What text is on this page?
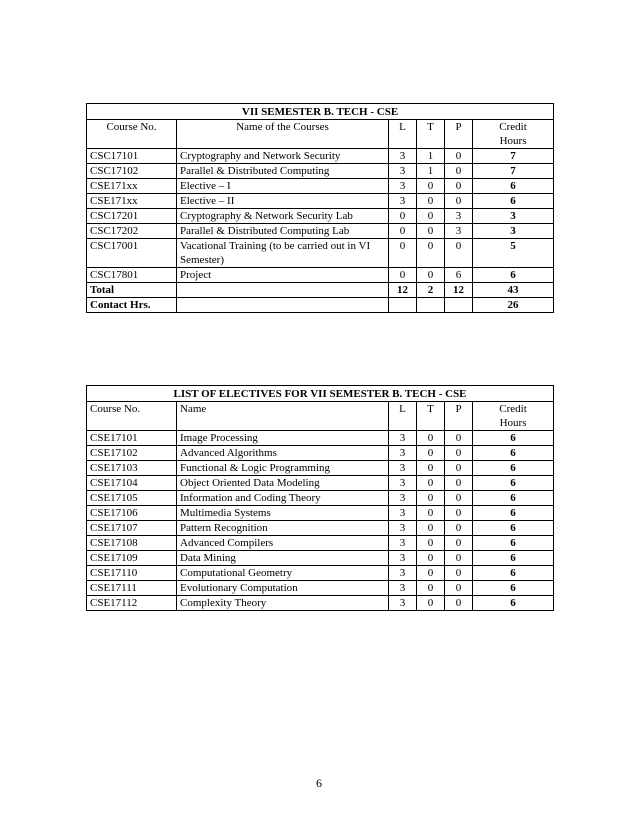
VII SEMESTER B. TECH - CSE					
Course No.	Name of the Courses	L	T	P	Credit
Hours
CSC17101	Cryptography and Network Security	3	1	0	7
CSC17102	Parallel & Distributed Computing	3	1	0	7
CSE171xx	Elective – I	3	0	0	6
CSE171xx	Elective – II	3	0	0	6
CSC17201	Cryptography & Network Security Lab	0	0	3	3
CSC17202	Parallel & Distributed Computing Lab	0	0	3	3
CSC17001	Vacational Training (to be carried out in VI Semester)	0	0	0	5
CSC17801	Project	0	0	6	6
Total		12	2	12	43
Contact Hrs.					26
LIST OF ELECTIVES FOR VII SEMESTER B. TECH - CSE					
Course No.	Name	L	T	P	Credit
Hours
CSE17101	Image Processing	3	0	0	6
CSE17102	Advanced Algorithms	3	0	0	6
CSE17103	Functional & Logic Programming	3	0	0	6
CSE17104	Object Oriented Data Modeling	3	0	0	6
CSE17105	Information and Coding Theory	3	0	0	6
CSE17106	Multimedia Systems	3	0	0	6
CSE17107	Pattern Recognition	3	0	0	6
CSE17108	Advanced Compilers	3	0	0	6
CSE17109	Data Mining	3	0	0	6
CSE17110	Computational Geometry	3	0	0	6
CSE17111	Evolutionary Computation	3	0	0	6
CSE17112	Complexity Theory	3	0	0	6
6
